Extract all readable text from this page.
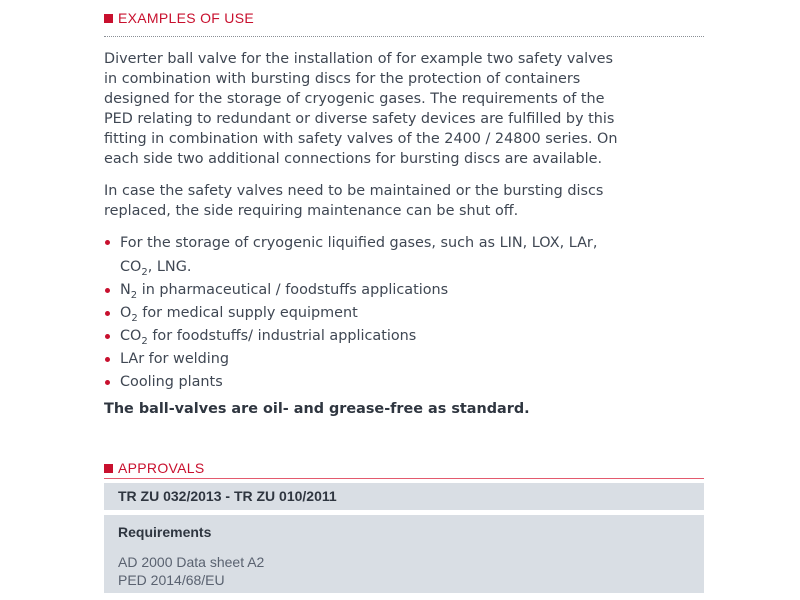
EXAMPLES OF USE
Diverter ball valve for the installation of for example two safety valves
in combination with bursting discs for the protection of containers
designed for the storage of cryogenic gases. The requirements of the
PED relating to redundant or diverse safety devices are fulfilled by this
fitting in combination with safety valves of the 2400 / 24800 series. On
each side two additional connections for bursting discs are available.
In case the safety valves need to be maintained or the bursting discs
replaced, the side requiring maintenance can be shut off.
For the storage of cryogenic liquified gases, such as LIN, LOX, LAr,
$CO_2$, LNG.
$N_2$ in pharmaceutical / foodstuffs applications
$O_2$ for medical supply equipment
$CO_2$ for foodstuffs/ industrial applications
LAr for welding
Cooling plants
The ball-valves are oil- and grease-free as standard.
APPROVALS
TR ZU 032/2013 - TR ZU 010/2011
Requirements
AD 2000 Data sheet A2
PED 2014/68/EU
